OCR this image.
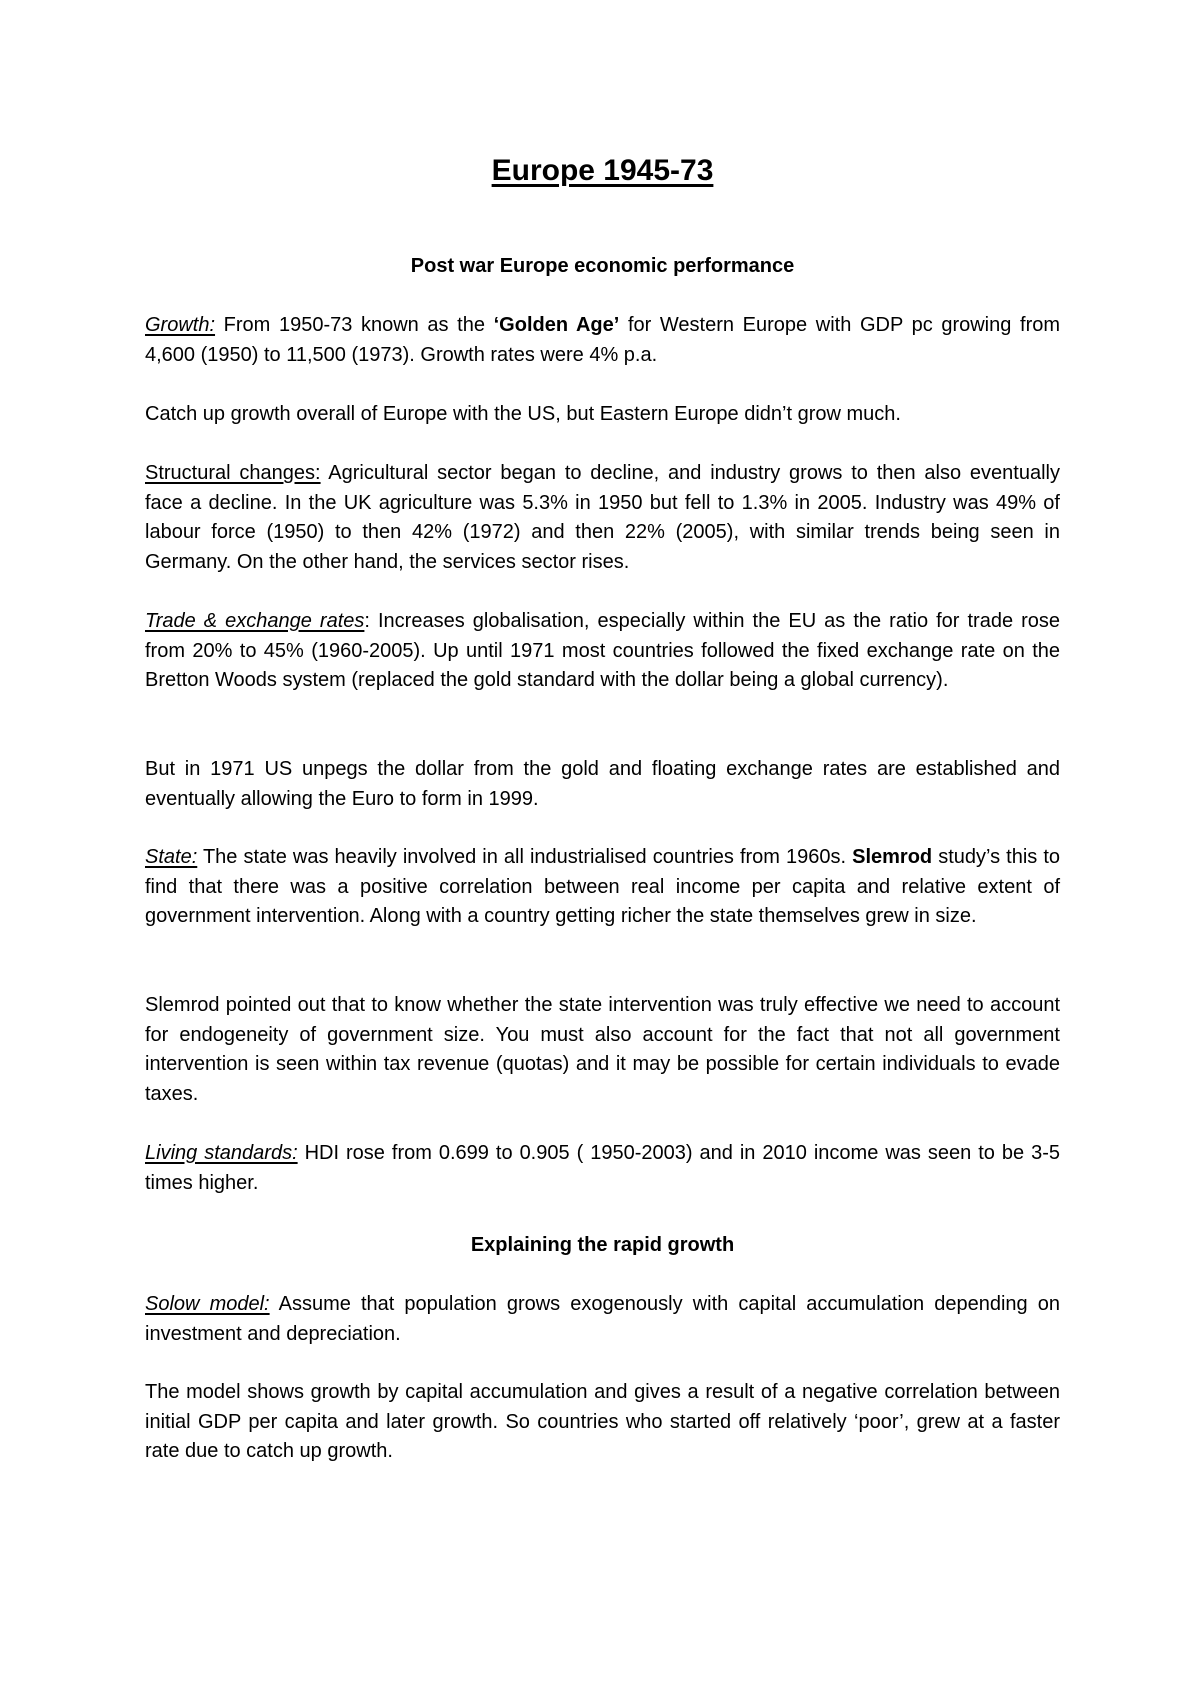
Europe 1945-73
Post war Europe economic performance

Growth: From 1950-73 known as the ‘Golden Age’ for Western Europe with GDP pc growing from 4,600 (1950) to 11,500 (1973). Growth rates were 4% p.a.

Catch up growth overall of Europe with the US, but Eastern Europe didn’t grow much.

Structural changes: Agricultural sector began to decline, and industry grows to then also eventually face a decline. In the UK agriculture was 5.3% in 1950 but fell to 1.3% in 2005. Industry was 49% of labour force (1950) to then 42% (1972) and then 22% (2005), with similar trends being seen in Germany. On the other hand, the services sector rises.

Trade & exchange rates: Increases globalisation, especially within the EU as the ratio for trade rose from 20% to 45% (1960-2005). Up until 1971 most countries followed the fixed exchange rate on the Bretton Woods system (replaced the gold standard with the dollar being a global currency).

But in 1971 US unpegs the dollar from the gold and floating exchange rates are established and eventually allowing the Euro to form in 1999.

State: The state was heavily involved in all industrialised countries from 1960s. Slemrod study’s this to find that there was a positive correlation between real income per capita and relative extent of government intervention. Along with a country getting richer the state themselves grew in size.

Slemrod pointed out that to know whether the state intervention was truly effective we need to account for endogeneity of government size. You must also account for the fact that not all government intervention is seen within tax revenue (quotas) and it may be possible for certain individuals to evade taxes.

Living standards: HDI rose from 0.699 to 0.905 ( 1950-2003) and in 2010 income was seen to be 3-5 times higher.

Explaining the rapid growth

Solow model: Assume that population grows exogenously with capital accumulation depending on investment and depreciation.

The model shows growth by capital accumulation and gives a result of a negative correlation between initial GDP per capita and later growth. So countries who started off relatively ‘poor’, grew at a faster rate due to catch up growth.
